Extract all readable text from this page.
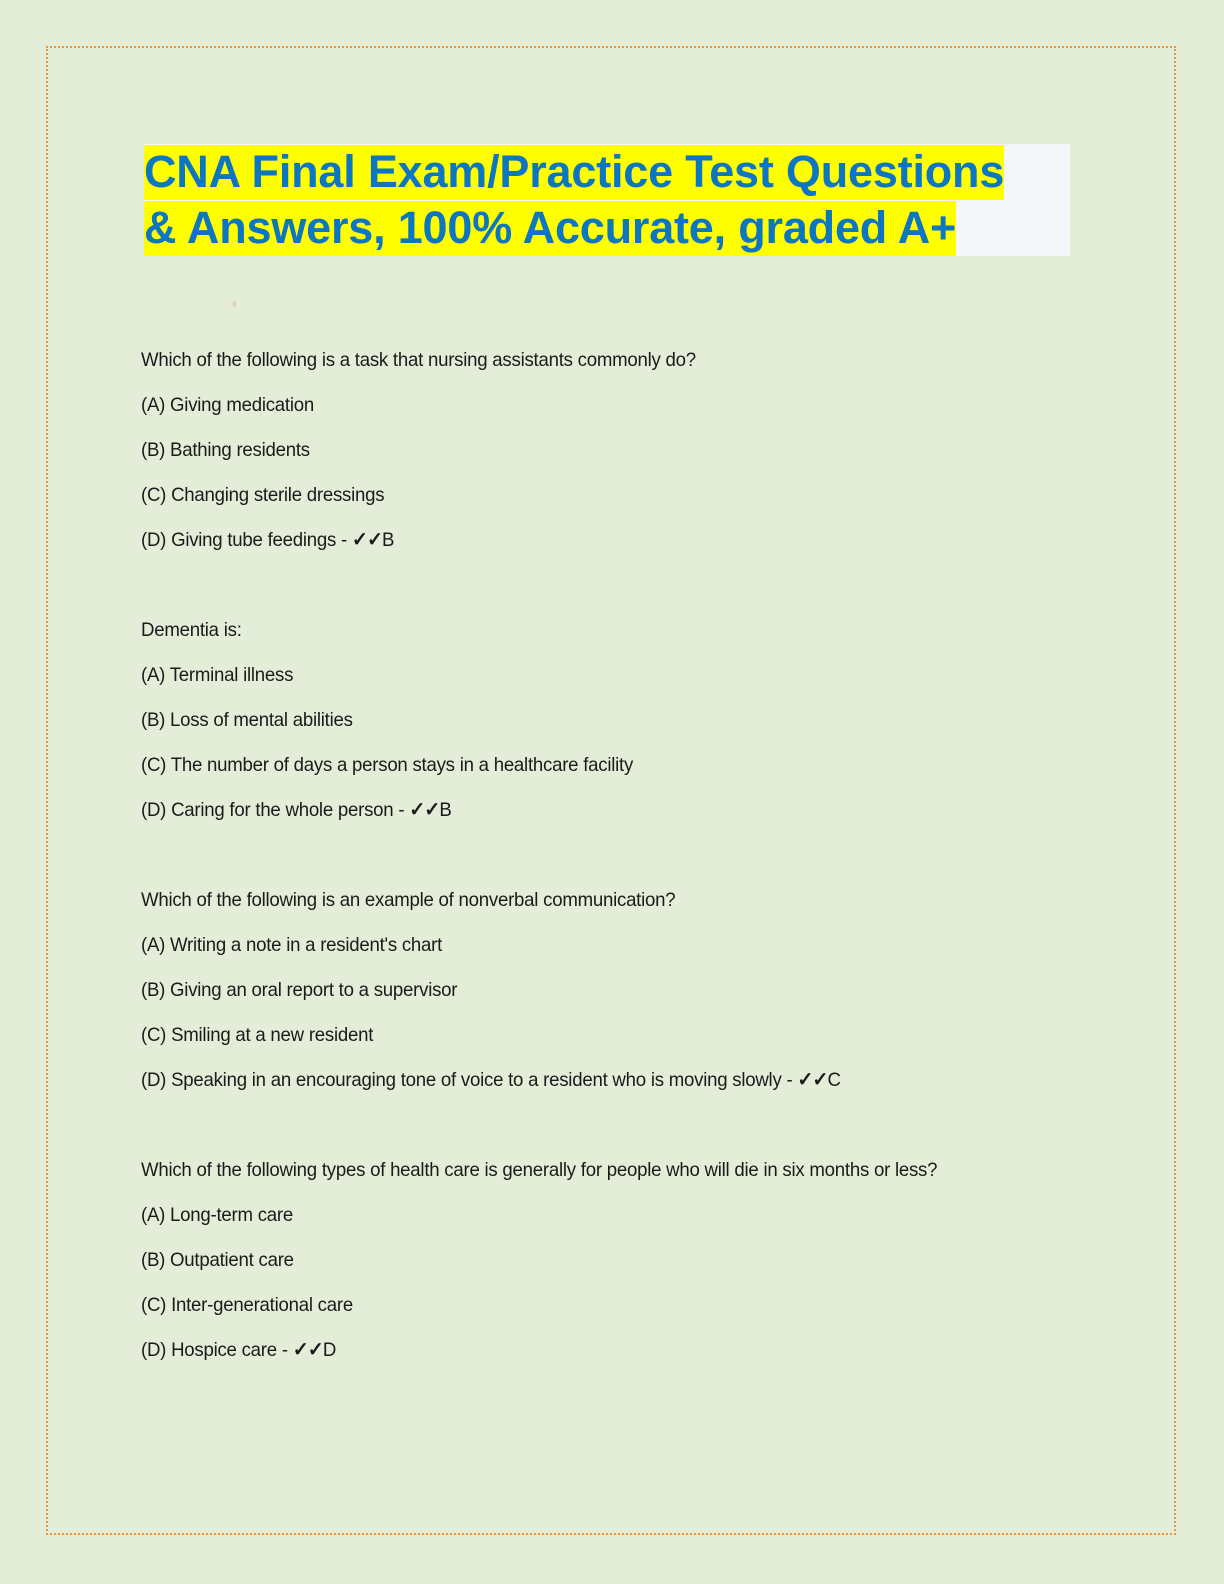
CNA Final Exam/Practice Test Questions
& Answers, 100% Accurate, graded A+
Which of the following is a task that nursing assistants commonly do?
(A) Giving medication
(B) Bathing residents
(C) Changing sterile dressings
(D) Giving tube feedings - ✓✓B
Dementia is:
(A) Terminal illness
(B) Loss of mental abilities
(C) The number of days a person stays in a healthcare facility
(D) Caring for the whole person - ✓✓B
Which of the following is an example of nonverbal communication?
(A) Writing a note in a resident's chart
(B) Giving an oral report to a supervisor
(C) Smiling at a new resident
(D) Speaking in an encouraging tone of voice to a resident who is moving slowly - ✓✓C
Which of the following types of health care is generally for people who will die in six months or less?
(A) Long-term care
(B) Outpatient care
(C) Inter-generational care
(D) Hospice care - ✓✓D
